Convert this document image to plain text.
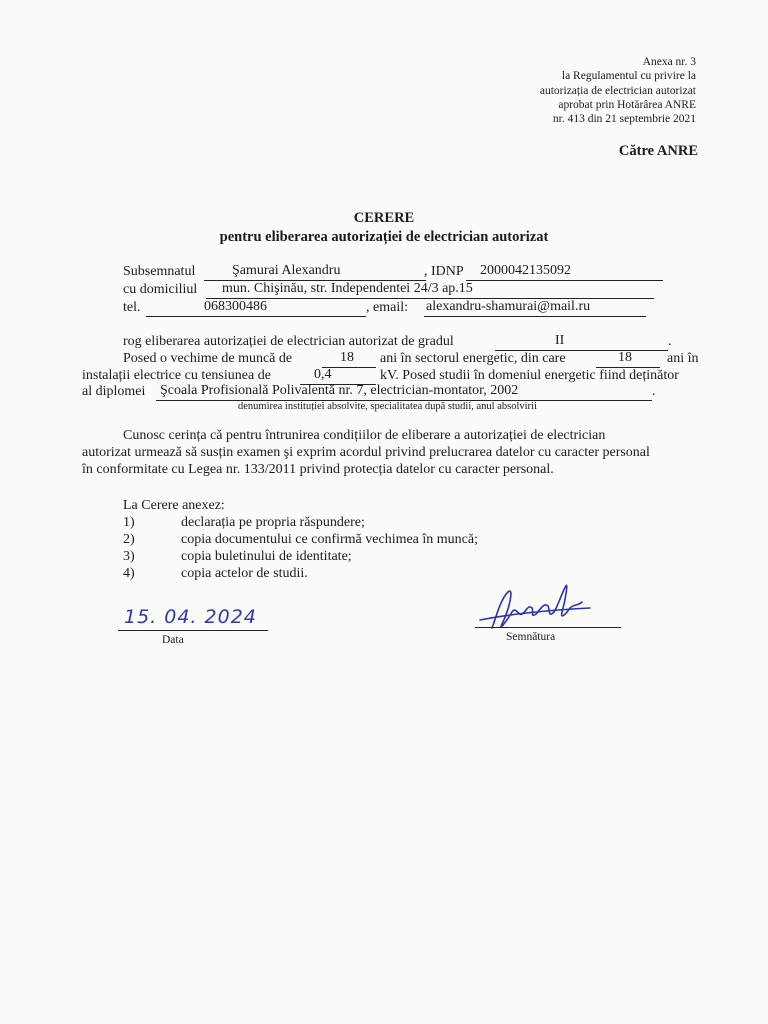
Anexa nr. 3
la Regulamentul cu privire la
autorizația de electrician autorizat
aprobat prin Hotărârea ANRE
nr. 413 din 21 septembrie 2021
Către ANRE
CERERE
pentru eliberarea autorizației de electrician autorizat
Subsemnatul	Şamurai Alexandru	, IDNP 2000042135092
cu domiciliul mun. Chişinău, str. Independentei 24/3 ap.15
tel.	068300486	, email: alexandru-shamurai@mail.ru
rog eliberarea autorizației de electrician autorizat de gradul	II	.
Posed o vechime de muncă de	18 ani în sectorul energetic, din care	18	ani în
instalații electrice cu tensiunea de	0,4	kV. Posed studii în domeniul energetic fiind deținător
al diplomei Şcoala Profisională Polivalentă nr. 7, electrician-montator, 2002	.
denumirea instituției absolvite, specialitatea după studii, anul absolvirii
Cunosc cerința că pentru întrunirea condițiilor de eliberare a autorizației de electrician
autorizat urmează să susțin examen şi exprim acordul privind prelucrarea datelor cu caracter personal
în conformitate cu Legea nr. 133/2011 privind protecția datelor cu caracter personal.
La Cerere anexez:
1)	declarația pe propria răspundere;
2)	copia documentului ce confirmă vechimea în muncă;
3)	copia buletinului de identitate;
4)	copia actelor de studii.
15. 04. 2024
Data	Semnătura
